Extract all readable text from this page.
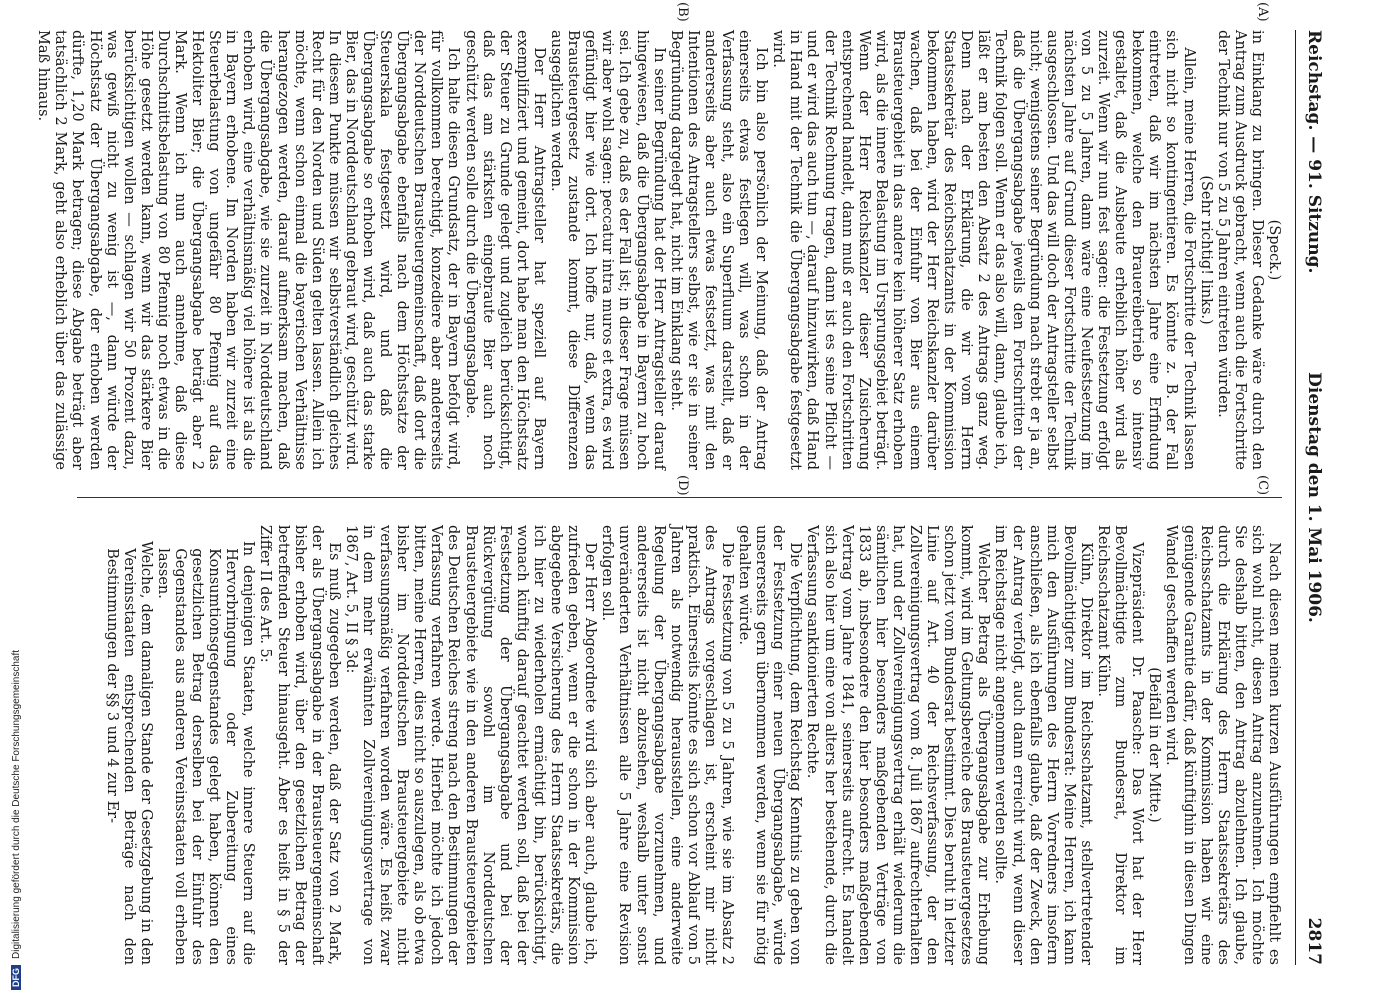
DFGDigitalisierung gefördert durch die Deutsche Forschungsgemeinschaft
Reichstag. — 91. Sitzung.
Dienstag den 1. Mai 1906.
2817
(A)
(B)
(C)
(D)

(Speck.)

in Einklang zu bringen. Dieser Gedanke wäre durch den Antrag zum Ausdruck gebracht, wenn auch die Fortschritte der Technik nur von 5 zu 5 Jahren eintreten würden.

(Sehr richtig! links.)

Allein, meine Herren, die Fortschritte der Technik lassen sich nicht so kontingentieren. Es könnte z. B. der Fall eintreten, daß wir im nächsten Jahre eine Erfindung bekommen, welche den Brauereibetrieb so intensiv gestaltet, daß die Ausbeute erheblich höher wird als zurzeit. Wenn wir nun fest sagen: die Festsetzung erfolgt von 5 zu 5 Jahren, dann wäre eine Neufestsetzung im nächsten Jahre auf Grund dieser Fortschritte der Technik ausgeschlossen. Und das will doch der Antragsteller selbst nicht; wenigstens seiner Begründung nach strebt er ja an, daß die Übergangsabgabe jeweils den Fortschritten der Technik folgen soll. Wenn er das also will, dann, glaube ich, läßt er am besten den Absatz 2 des Antrags ganz weg. Denn nach der Erklärung, die wir vom Herrn Staatssekretär des Reichsschatzamts in der Kommission bekommen haben, wird der Herr Reichskanzler darüber wachen, daß bei der Einfuhr von Bier aus einem Brausteuergebiet in das andere kein höherer Satz erhoben wird, als die innere Belastung im Ursprungsgebiet beträgt. Wenn der Herr Reichskanzler dieser Zusicherung entsprechend handelt, dann muß er auch den Fortschritten der Technik Rechnung tragen, dann ist es seine Pflicht — und er wird das auch tun —, darauf hinzuwirken, daß Hand in Hand mit der Technik die Übergangsabgabe festgesetzt wird.

Ich bin also persönlich der Meinung, daß der Antrag einerseits etwas festlegen will, was schon in der Verfassung steht, also ein Superfluum darstellt, daß er andererseits aber auch etwas festsetzt, was mit den Intentionen des Antragstellers selbst, wie er sie in seiner Begründung dargelegt hat, nicht im Einklang steht.

In seiner Begründung hat der Herr Antragsteller darauf hingewiesen, daß die Übergangsabgabe in Bayern zu hoch sei. Ich gebe zu, daß es der Fall ist; in dieser Frage müssen wir aber wohl sagen: peccatur intra muros et extra, es wird gefündigt hier wie dort. Ich hoffe nur, daß, wenn das Brausteuergesetz zustande kommt, diese Differenzen ausgeglichen werden.

Der Herr Antragsteller hat speziell auf Bayern exemplifiziert und gemeint, dort habe man den Höchstsatz der Steuer zu Grunde gelegt und zugleich berücksichtigt, daß das am stärksten eingebraute Bier auch noch geschützt werden solle durch die Übergangsabgabe.

Ich halte diesen Grundsatz, der in Bayern befolgt wird, für vollkommen berechtigt, konzediere aber andererseits der Norddeutschen Brausteuergemeinschaft, daß dort die Übergangsabgabe ebenfalls nach dem Höchstsatze der Steuerskala festgesetzt wird, und daß die Übergangsabgabe so erhoben wird, daß auch das starke Bier, das in Norddeutschland gebraut wird, geschützt wird. In diesem Punkte müssen wir selbstverständlich gleiches Recht für den Norden und Süden gelten lassen. Allein ich möchte, wenn schon einmal die bayerischen Verhältnisse herangezogen werden, darauf aufmerksam machen, daß die Übergangsabgabe, wie sie zurzeit in Norddeutschland erhoben wird, eine verhältnismäßig viel höhere ist als die in Bayern erhobene. Im Norden haben wir zurzeit eine Steuerbelastung von ungefähr 80 Pfennig auf das Hektoliter Bier; die Übergangsabgabe beträgt aber 2 Mark. Wenn ich nun auch annehme, daß diese Durchschnittsbelastung von 80 Pfennig noch etwas in die Höhe gesetzt werden kann, wenn wir das stärkere Bier berücksichtigen wollen — schlagen wir 50 Prozent dazu, was gewiß nicht zu wenig ist —, dann würde der Höchstsatz der Übergangsabgabe, der erhoben werden dürfte, 1,20 Mark betragen; diese Abgabe beträgt aber tatsächlich 2 Mark, geht also erheblich über das zulässige Maß hinaus.

Nach diesen meinen kurzen Ausführungen empfiehlt es sich wohl nicht, diesen Antrag anzunehmen. Ich möchte Sie deshalb bitten, den Antrag abzulehnen. Ich glaube, durch die Erklärung des Herrn Staatssekretärs des Reichsschatzamts in der Kommission haben wir eine genügende Garantie dafür, daß künftighin in diesen Dingen Wandel geschaffen werden wird.

(Beifall in der Mitte.)

Vizepräsident Dr. Paasche: Das Wort hat der Herr Bevollmächtigte zum Bundesrat, Direktor im Reichsschatzamt Kühn.

Kühn, Direktor im Reichsschatzamt, stellvertretender Bevollmächtigter zum Bundesrat: Meine Herren, ich kann mich den Ausführungen des Herrn Vorredners insofern anschließen, als ich ebenfalls glaube, daß der Zweck, den der Antrag verfolgt, auch dann erreicht wird, wenn dieser im Reichstage nicht angenommen werden sollte.

Welcher Betrag als Übergangsabgabe zur Erhebung kommt, wird im Geltungsbereiche des Brausteuergesetzes schon jetzt vom Bundesrat bestimmt. Dies beruht in letzter Linie auf Art. 40 der Reichsverfassung, der den Zollvereinigungsvertrag vom 8. Juli 1867 aufrechterhalten hat, und der Zollvereinigungsvertrag erhält wiederum die sämtlichen hier besonders maßgebenden Verträge von 1833 ab, insbesondere den hier besonders maßgebenden Vertrag vom Jahre 1841, seinerseits aufrecht. Es handelt sich also hier um eine von alters her bestehende, durch die Verfassung sanktionierten Rechte.

Die Verpflichtung, dem Reichstag Kenntnis zu geben von der Festsetzung einer neuen Übergangsabgabe, würde unsererseits gern übernommen werden, wenn sie für nötig gehalten würde.

Die Festsetzung von 5 zu 5 Jahren, wie sie im Absatz 2 des Antrags vorgeschlagen ist, erscheint mir nicht praktisch. Einerseits könnte es sich schon vor Ablauf von 5 Jahren als notwendig herausstellen, eine anderweite Regelung der Übergangsabgabe vorzunehmen, und andererseits ist nicht abzusehen, weshalb unter sonst unveränderten Verhältnissen alle 5 Jahre eine Revision erfolgen soll.

Der Herr Abgeordnete wird sich aber auch, glaube ich, zufrieden geben, wenn er die schon in der Kommission abgegebene Versicherung des Herrn Staatssekretärs, die ich hier zu wiederholen ermächtigt bin, berücksichtigt, wonach künftig darauf geachtet werden soll, daß bei der Festsetzung der Übergangsabgabe und bei der Rückvergütung sowohl im Norddeutschen Brausteuergebiete wie in den anderen Brausteuergebieten des Deutschen Reiches streng nach den Bestimmungen der Verfassung verfahren werde. Hierbei möchte ich jedoch bitten, meine Herren, dies nicht so auszulegen, als ob etwa bisher im Norddeutschen Brausteuergebiete nicht verfassungsmäßig verfahren worden wäre. Es heißt zwar in dem mehr erwähnten Zollvereinigungsvertrage von 1867, Art. 5, II § 3d:

Es muß zugegeben werden, daß der Satz von 2 Mark, der als Übergangsabgabe in der Brausteuergemeinschaft bisher erhoben wird, über den gesetzlichen Betrag der betreffenden Steuer hinausgeht. Aber es heißt in § 5 der Ziffer II des Art. 5:

In denjenigen Staaten, welche innere Steuern auf die Hervorbringung oder Zubereitung eines Konsumtionsgegenstandes gelegt haben, können den gesetzlichen Betrag derselben bei der Einfuhr des Gegenstandes aus anderen Vereinsstaaten voll erheben lassen.

Welche, dem damaligen Stande der Gesetzgebung in den Vereinsstaaten entsprechenden Beträge nach den Bestimmungen der §§ 3 und 4 zur Er-
